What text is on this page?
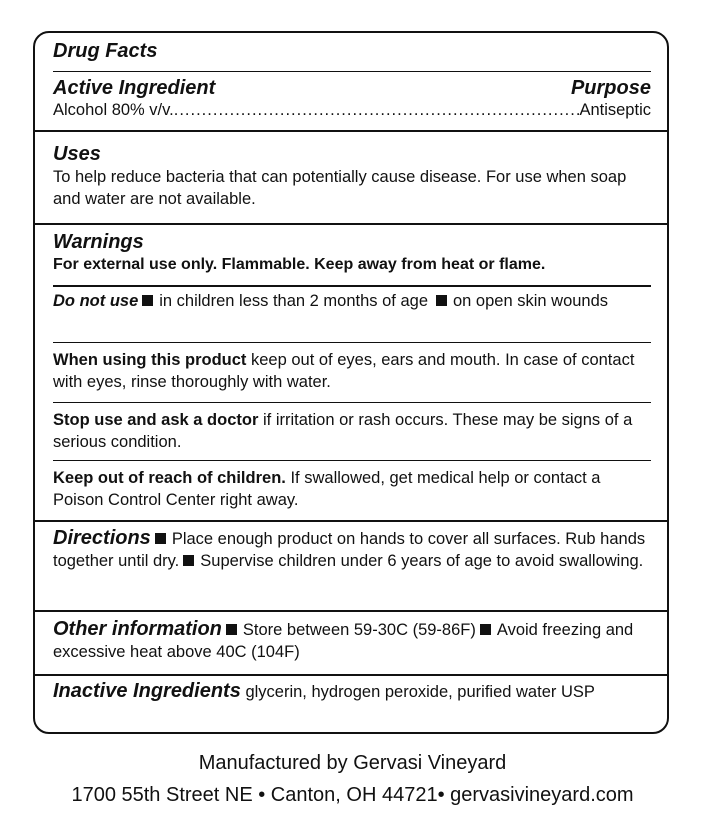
Drug Facts
Active Ingredient	Purpose
Alcohol 80% v/v.
.....	Antiseptic
Uses
To help reduce bacteria that can potentially cause disease. For use when soap and water are not available.
Warnings
For external use only. Flammable. Keep away from heat or flame.
Do not use in children less than 2 months of age on open skin wounds
When using this product keep out of eyes, ears and mouth. In case of contact with eyes, rinse thoroughly with water.
Stop use and ask a doctor if irritation or rash occurs. These may be signs of a serious condition.
Keep out of reach of children. If swallowed, get medical help or contact a Poison Control Center right away.
Directions Place enough product on hands to cover all surfaces. Rub hands together until dry. Supervise children under 6 years of age to avoid swallowing.
Other information Store between 59-30C (59-86F) Avoid freezing and excessive heat above 40C (104F)
Inactive Ingredients glycerin, hydrogen peroxide, purified water USP
Manufactured by Gervasi Vineyard
1700 55th Street NE • Canton, OH 44721• gervasivineyard.com
